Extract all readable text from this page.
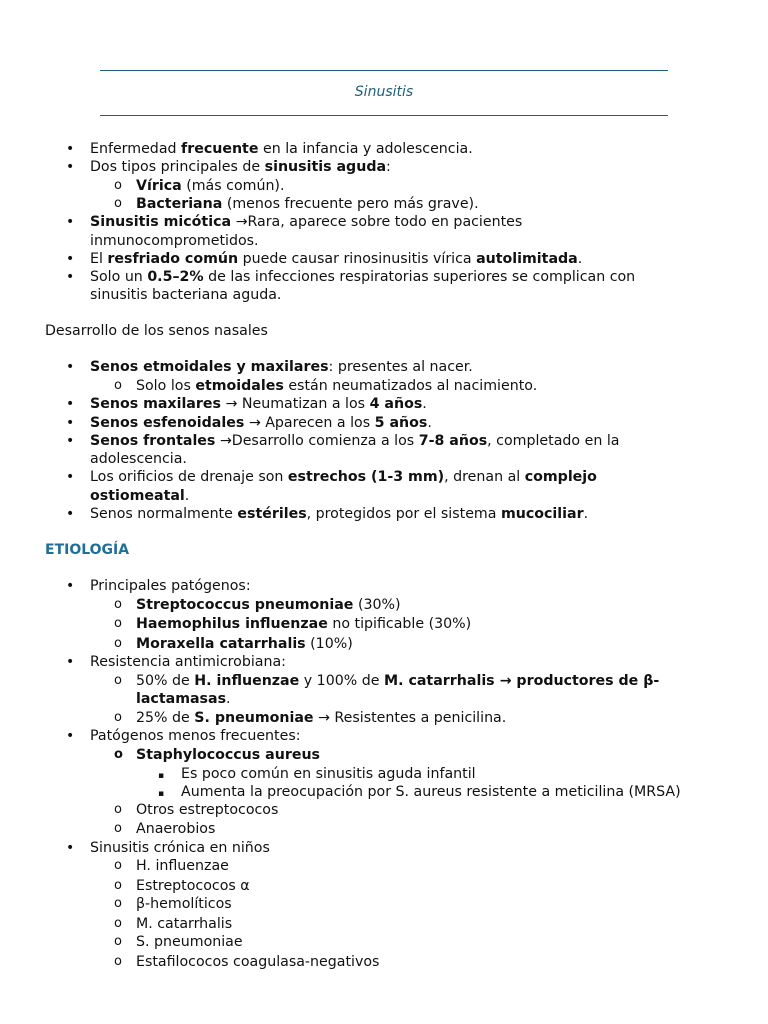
Sinusitis
• Enfermedad frecuente en la infancia y adolescencia.
• Dos tipos principales de sinusitis aguda:
o Vírica (más común).
o Bacteriana (menos frecuente pero más grave).
• Sinusitis micótica →Rara, aparece sobre todo en pacientes
inmunocomprometidos.
• El resfriado común puede causar rinosinusitis vírica autolimitada.
• Solo un 0.5–2% de las infecciones respiratorias superiores se complican con
sinusitis bacteriana aguda.
Desarrollo de los senos nasales
• Senos etmoidales y maxilares: presentes al nacer.
o Solo los etmoidales están neumatizados al nacimiento.
• Senos maxilares → Neumatizan a los 4 años.
• Senos esfenoidales → Aparecen a los 5 años.
• Senos frontales →Desarrollo comienza a los 7-8 años, completado en la
adolescencia.
• Los orificios de drenaje son estrechos (1-3 mm), drenan al complejo
ostiomeatal.
• Senos normalmente estériles, protegidos por el sistema mucociliar.
ETIOLOGÍA
• Principales patógenos:
o Streptococcus pneumoniae (30%)
o Haemophilus influenzae no tipificable (30%)
o Moraxella catarrhalis (10%)
• Resistencia antimicrobiana:
o 50% de H. influenzae y 100% de M. catarrhalis → productores de β-
lactamasas.
o 25% de S. pneumoniae → Resistentes a penicilina.
• Patógenos menos frecuentes:
o Staphylococcus aureus
▪ Es poco común en sinusitis aguda infantil
▪ Aumenta la preocupación por S. aureus resistente a meticilina (MRSA)
o Otros estreptococos
o Anaerobios
• Sinusitis crónica en niños
o H. influenzae
o Estreptococos α
o β-hemolíticos
o M. catarrhalis
o S. pneumoniae
o Estafilococos coagulasa-negativos
